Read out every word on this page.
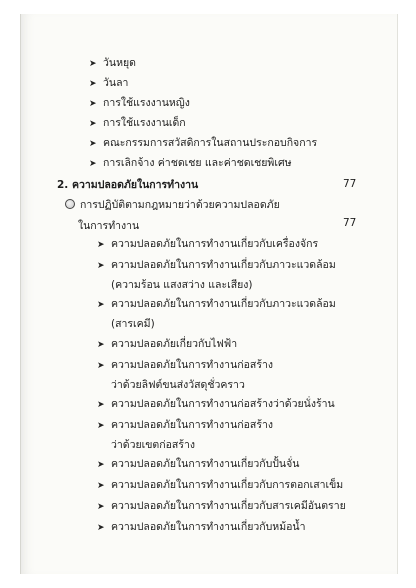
➤ วันหยุด
➤ วันลา
➤ การใช้แรงงานหญิง
➤ การใช้แรงงานเด็ก
➤ คณะกรรมการสวัสดิการในสถานประกอบกิจการ
➤ การเลิกจ้าง ค่าชดเชย และค่าชดเชยพิเศษ
2. ความปลอดภัยในการทำงาน	77
การปฏิบัติตามกฎหมายว่าด้วยความปลอดภัย
ในการทำงาน	77
➤ ความปลอดภัยในการทำงานเกี่ยวกับเครื่องจักร
➤ ความปลอดภัยในการทำงานเกี่ยวกับภาวะแวดล้อม
(ความร้อน แสงสว่าง และเสียง)
➤ ความปลอดภัยในการทำงานเกี่ยวกับภาวะแวดล้อม
(สารเคมี)
➤ ความปลอดภัยเกี่ยวกับไฟฟ้า
➤ ความปลอดภัยในการทำงานก่อสร้าง
ว่าด้วยลิฟต์ขนส่งวัสดุชั่วคราว
➤ ความปลอดภัยในการทำงานก่อสร้างว่าด้วยนั่งร้าน
➤ ความปลอดภัยในการทำงานก่อสร้าง
ว่าด้วยเขตก่อสร้าง
➤ ความปลอดภัยในการทำงานเกี่ยวกับปั้นจั่น
➤ ความปลอดภัยในการทำงานเกี่ยวกับการตอกเสาเข็ม
➤ ความปลอดภัยในการทำงานเกี่ยวกับสารเคมีอันตราย
➤ ความปลอดภัยในการทำงานเกี่ยวกับหม้อน้ำ
